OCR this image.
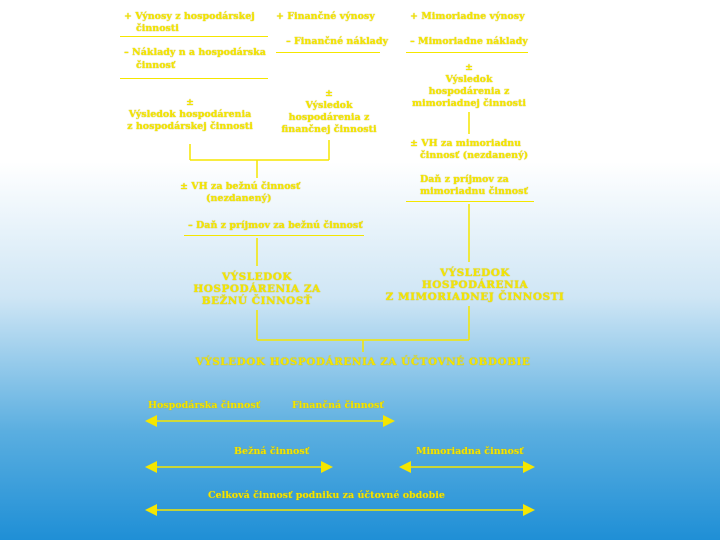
+ Výnosy z hospodárskej
činnosti
– Náklady n a hospodárska
činnosť
±
Výsledok hospodárenia
z hospodárskej činnosti
+ Finančné výnosy
– Finančné náklady
±
Výsledok
hospodárenia z
finančnej činnosti
+ Mimoriadne výnosy
– Mimoriadne náklady
±
Výsledok
hospodárenia z
mimoriadnej činnosti
± VH za mimoriadnu
činnosť (nezdanený)
Daň z príjmov za
mimoriadnu činnosť
± VH za bežnú činnosť
(nezdanený)
– Daň z príjmov za bežnú činnosť
VÝSLEDOK
HOSPODÁRENIA ZA
BEŽNÚ ČINNOSŤ
VÝSLEDOK
HOSPODÁRENIA
Z MIMORIADNEJ ČINNOSTI
VÝSLEDOK HOSPODÁRENIA ZA ÚČTOVNÉ OBDOBIE
Hospodárska činnosť	Finančná činnosť
Bežná činnosť	Mimoriadna činnosť
Celková činnosť podniku za účtovné obdobie
